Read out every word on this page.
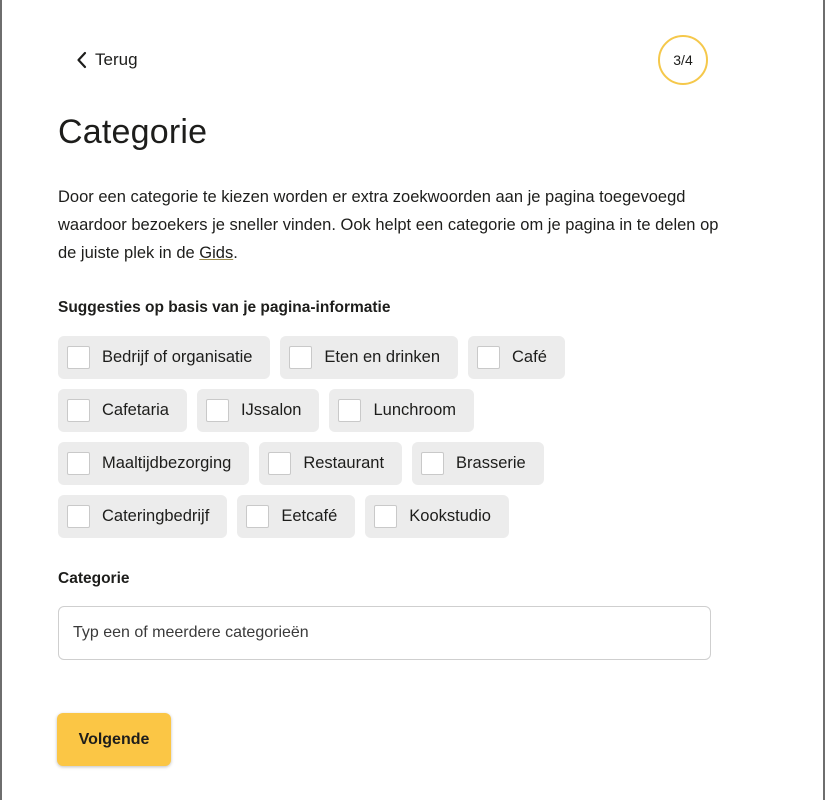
Terug	3/4
Categorie

Door een categorie te kiezen worden er extra zoekwoorden aan je pagina toegevoegd waardoor bezoekers je sneller vinden. Ook helpt een categorie om je pagina in te delen op de juiste plek in de Gids.

Suggesties op basis van je pagina-informatie
Bedrijf of organisatie	Eten en drinken	Café
Cafetaria	IJssalon	Lunchroom
Maaltijdbezorging	Restaurant	Brasserie
Cateringbedrijf	Eetcafé	Kookstudio
Categorie
Typ een of meerdere categorieën
Volgende
